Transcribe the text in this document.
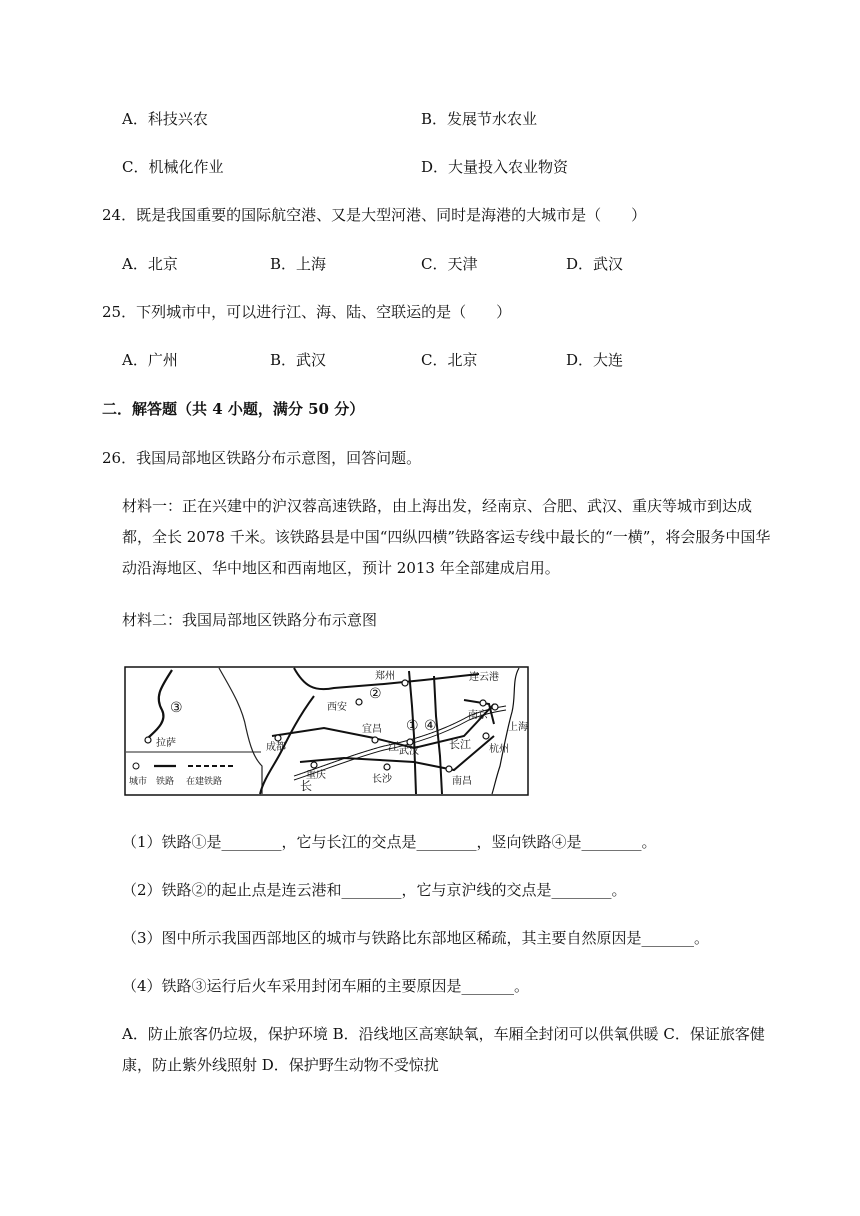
A．科技兴农	B．发展节水农业
C．机械化作业	D．大量投入农业物资
24．既是我国重要的国际航空港、又是大型河港、同时是海港的大城市是（　　）
A．北京	B．上海	C．天津	D．武汉
25．下列城市中，可以进行江、海、陆、空联运的是（　　）
A．广州	B．武汉	C．北京	D．大连
二．解答题（共 4 小题，满分 50 分）
26．我国局部地区铁路分布示意图，回答问题。
材料一：正在兴建中的沪汉蓉高速铁路，由上海出发，经南京、合肥、武汉、重庆等城市到达成都，全长 2078 千米。该铁路县是中国“四纵四横”铁路客运专线中最长的“一横”，将会服务中国华动沿海地区、华中地区和西南地区，预计 2013 年全部建成启用。
材料二：我国局部地区铁路分布示意图
郑州	连云港
西安
南京
上海
成都
宜昌
武汉	杭州
长沙	南昌
重庆
拉萨	长江
江
长
②
① ④
③
城市 铁路 在建铁路
（1）铁路①是________，它与长江的交点是________，竖向铁路④是________。
（2）铁路②的起止点是连云港和________，它与京沪线的交点是________。
（3）图中所示我国西部地区的城市与铁路比东部地区稀疏，其主要自然原因是_______。
（4）铁路③运行后火车采用封闭车厢的主要原因是_______。
A．防止旅客仍垃圾，保护环境 B．沿线地区高寒缺氧，车厢全封闭可以供氧供暖 C．保证旅客健康，防止紫外线照射 D．保护野生动物不受惊扰
